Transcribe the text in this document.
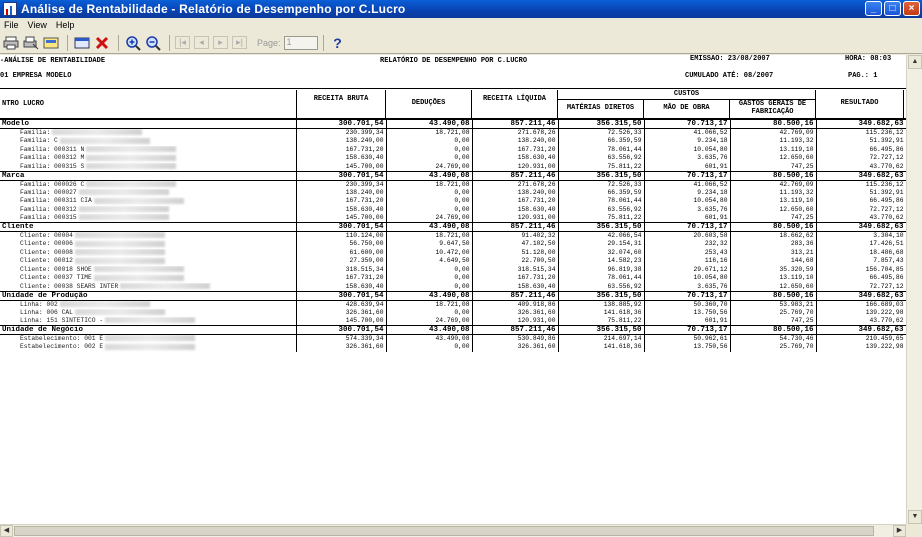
Análise de Rentabilidade - Relatório de Desempenho por C.Lucro	_	□	×
File View Help
|◂	◂	▸	▸|	Page: 1	?
-ANÁLISE DE RENTABILIDADE	RELATÓRIO DE DESEMPENHO POR C.LUCRO	EMISSÃO: 23/08/2007	HORA: 08:03
01 EMPRESA MODELO	CUMULADO ATÉ: 08/2007	PAG.: 1
NTRO LUCRO
RECEITA BRUTA	DEDUÇÕES	RECEITA LÍQUIDA
CUSTOS
MATÉRIAS DIRETOS	MÃO DE OBRA	GASTOS GERAIS DE FABRICAÇÃO
RESULTADO
Modelo	300.701,54	43.490,08	857.211,46	356.315,50	70.713,17	80.500,16	349.682,63
Família:	230.399,34	18.721,08	271.678,26	72.526,33	41.066,52	42.769,09	115.236,12
Família: C	138.240,00	0,00	138.240,00	66.359,59	9.234,18	11.193,32	51.392,91
Família: 000311 N	167.731,20	0,00	167.731,20	78.061,44	10.054,80	13.119,10	66.495,86
Família: 000312 M	158.630,40	0,00	158.630,40	63.556,92	3.635,76	12.650,60	72.727,12
Família: 000315 S	145.700,00	24.769,00	120.931,00	75.811,22	601,91	747,25	43.770,62
Marca	300.701,54	43.490,08	857.211,46	356.315,50	70.713,17	80.500,16	349.682,63
Família: 000026 C	230.399,34	18.721,08	271.678,26	72.526,33	41.066,52	42.769,09	115.236,12
Família: 000027	138.240,00	0,00	138.240,00	66.359,59	9.234,18	11.193,32	51.392,91
Família: 000311 CIA	167.731,20	0,00	167.731,20	78.061,44	10.054,80	13.119,10	66.495,86
Família: 000312	158.630,40	0,00	158.630,40	63.556,92	3.635,76	12.650,60	72.727,12
Família: 000315	145.700,00	24.769,00	120.931,00	75.811,22	601,91	747,25	43.770,62
Cliente	300.701,54	43.490,08	857.211,46	356.315,50	70.713,17	80.500,16	349.682,63
Cliente: 00004	110.124,00	18.721,08	91.402,32	42.066,54	20.603,58	18.662,62	3.304,10
Cliente: 00006	56.750,00	9.647,50	47.102,50	29.154,31	232,32	283,36	17.426,51
Cliente: 00008	61.600,00	10.472,00	51.128,00	32.074,60	253,43	313,21	18.486,68
Cliente: 00012	27.350,00	4.649,50	22.700,50	14.582,23	116,16	144,68	7.857,43
Cliente: 00018 SHOE	318.515,34	0,00	318.515,34	96.819,38	29.671,12	35.320,59	156.704,85
Cliente: 00037 TIME	167.731,20	0,00	167.731,20	78.061,44	10.054,80	13.119,10	66.495,86
Cliente: 00038 SEARS INTER	158.630,40	0,00	158.630,40	63.556,92	3.635,76	12.650,60	72.727,12
Unidade de Produção	300.701,54	43.490,08	857.211,46	356.315,50	70.713,17	80.500,16	349.682,63
Linha: 002	428.639,94	18.721,08	409.918,86	138.885,92	50.360,70	53.983,21	166.689,03
Linha: 006 CAL	326.361,60	0,00	326.361,60	141.618,36	13.750,56	25.769,70	139.222,98
Linha: 151 SINTETICO -	145.700,00	24.769,00	120.931,00	75.811,22	601,91	747,25	43.770,62
Unidade de Negócio	300.701,54	43.490,08	857.211,46	356.315,50	70.713,17	80.500,16	349.682,63
Estabelecimento: 001 E	574.339,34	43.490,08	530.849,86	214.697,14	50.962,61	54.730,46	210.459,65
Estabelecimento: 002 E	326.361,60	0,00	326.361,60	141.618,36	13.750,56	25.769,70	139.222,98
▲
▼
◀	▶
